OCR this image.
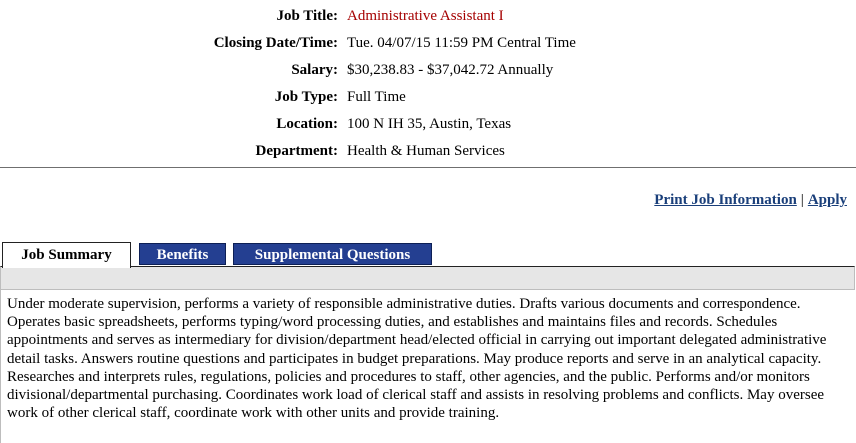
Job Title: Administrative Assistant I
Closing Date/Time: Tue. 04/07/15 11:59 PM Central Time
Salary: $30,238.83 - $37,042.72 Annually
Job Type: Full Time
Location: 100 N IH 35, Austin, Texas
Department: Health & Human Services
Print Job Information | Apply
Job Summary	Benefits	Supplemental Questions
Under moderate supervision, performs a variety of responsible administrative duties. Drafts various documents and correspondence. Operates basic spreadsheets, performs typing/word processing duties, and establishes and maintains files and records. Schedules appointments and serves as intermediary for division/department head/elected official in carrying out important delegated administrative detail tasks. Answers routine questions and participates in budget preparations. May produce reports and serve in an analytical capacity. Researches and interprets rules, regulations, policies and procedures to staff, other agencies, and the public. Performs and/or monitors divisional/departmental purchasing. Coordinates work load of clerical staff and assists in resolving problems and conflicts. May oversee work of other clerical staff, coordinate work with other units and provide training.
